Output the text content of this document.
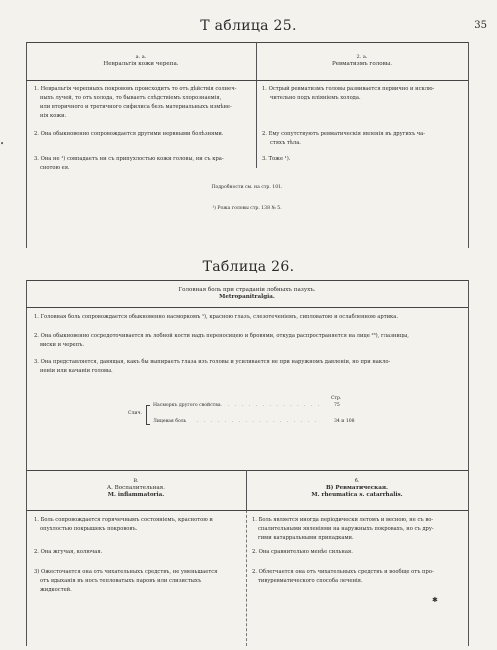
35
•
Т аблица 25.
a. a.
Невральгія кожи черепа.
2. a.
Ревматизмъ головы.
1. Невральгія черепныхъ покрововъ происходитъ то отъ дѣйствія солнеч-
ныхъ лучей, то отъ холода, то бываетъ слѣдствіемъ хлорознаемія,
или вторичного и третичного сифилиса безъ материальныхъ измѣне-
нія кожи.
2. Она обыкновенно сопровождается другими нервными болѣзнями.
3. Она не ¹) совпадаетъ ни съ припухлостью кожи головы, ни съ кра-
снотою ея.
1. Острый ревматизмъ головы развивается первично и исклю-
чительно подъ вліяніемъ холода.
2. Ему сопутствуютъ ревматическія явленія въ другихъ ча-
стяхъ тѣла.
3. Тоже ¹).
Подробности см. на стр. 101.
¹) Рожа головы стр. 138 № 5.
Таблица 26.
Головная боль при страданіи лобныхъ пазухъ.
Metropanitralgia.
1. Головная боль сопровождается обыкновенно насморкомъ ¹), красною глазъ, слезотеченіемъ, сипловатою и ослабленною артика.
2. Она обыкновенно сосредоточивается въ лобной кости надъ переносицею и бровями, откуда распространяется на лице ²³), глазницы,
виски и черепъ.
3. Она представляется, давящая, какъ бы выпираетъ глаза изъ головы и усиливается не при наружномъ давленіи, но при накло-
неніи или качаніи головы.
Стр.
Слич.
Насморкъ другого свойства . . . . . . . . . . . . . . .	75
Лицевая боль . . . . . . . . . . . . . . . . . .	34 и 108
В.
A. Воспалительная.
M. inflammatoria.
б.
B) Ревматическая.
M. rheumatica s. catarrhalis.
1. Боль сопровождается горячечнымъ состояніемъ, краснотою и
опухлостью покрышекъ покрововъ.
2. Она жгучая, колючая.
3) Ожесточается она отъ чихательныхъ средствъ, не уменьшается
отъ вдыханія въ носъ тепловатыхъ паровъ или слизистыхъ
жидкостей.
1. Боль является иногда періодически летомъ и весною, не съ во-
спалительными явленіями на наружныхъ покровахъ, но съ дру-
гими катарральными припадками.
2. Она сравнительно менѣе сильная.
2. Облегчается она отъ чихательныхъ средствъ и вообще отъ про-
тивуревматического способа леченія.
✱
